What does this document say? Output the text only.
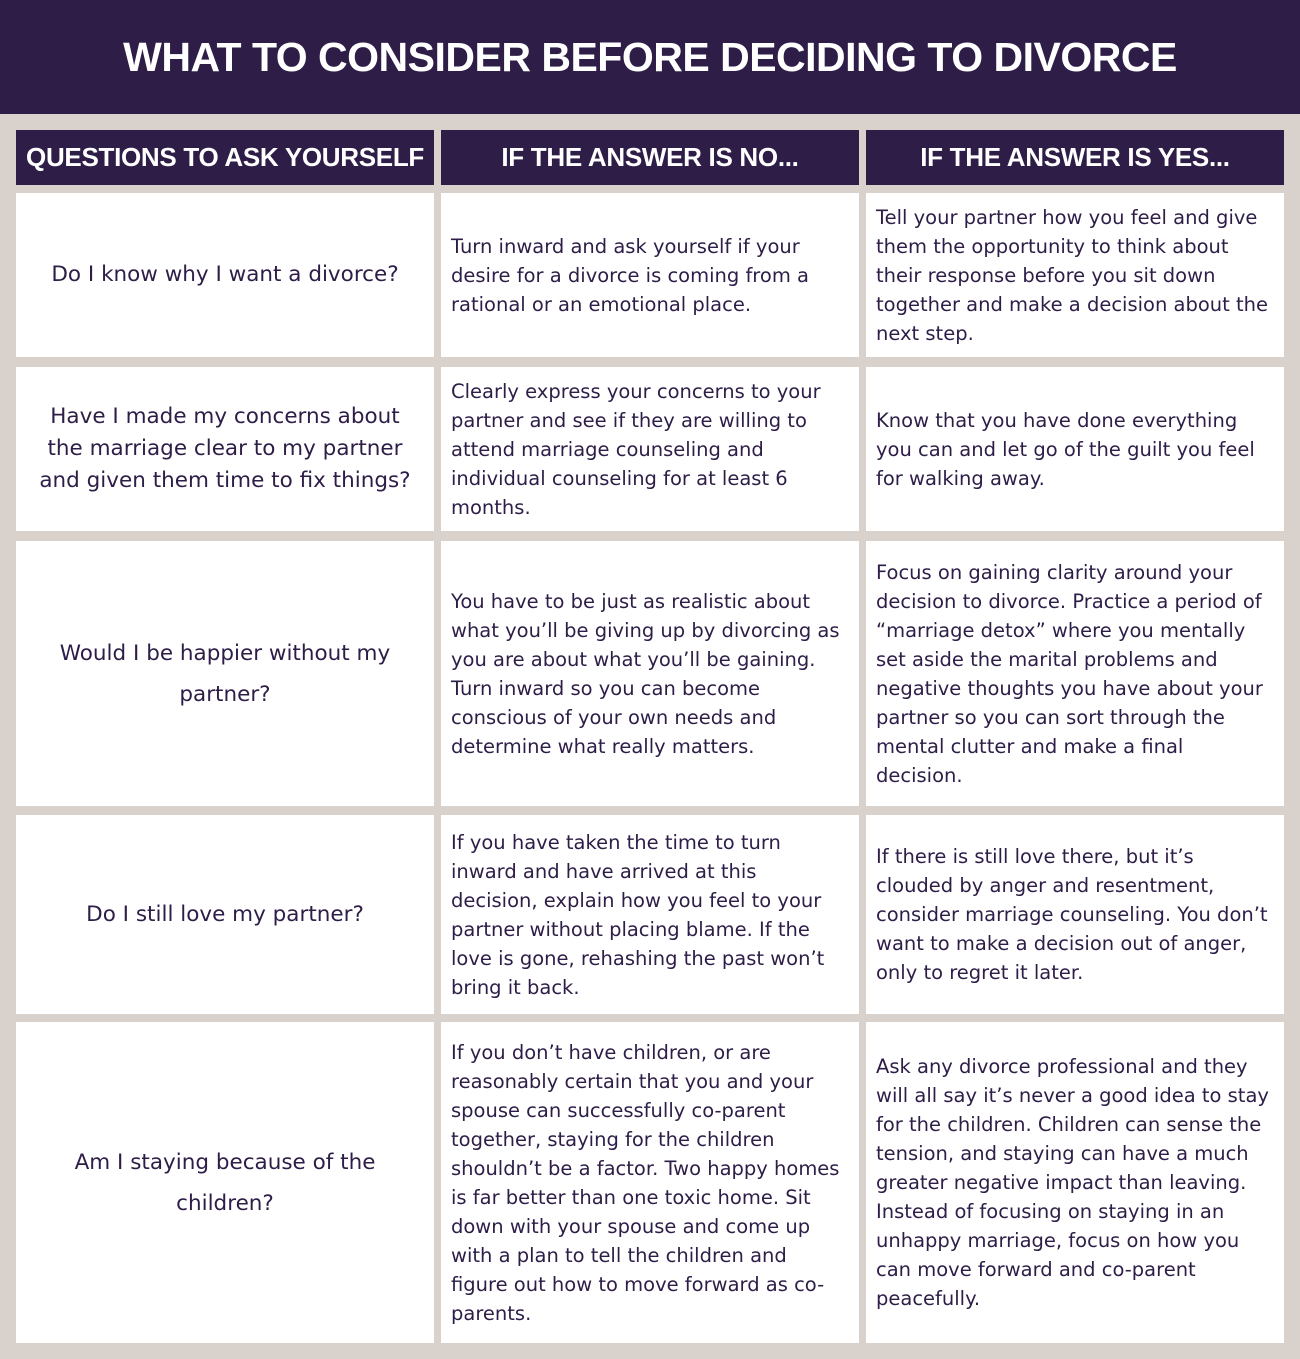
WHAT TO CONSIDER BEFORE DECIDING TO DIVORCE
QUESTIONS TO ASK YOURSELF	IF THE ANSWER IS NO...	IF THE ANSWER IS YES...
Do I know why I want a divorce?
Turn inward and ask yourself if your desire for a divorce is coming from a rational or an emotional place.
Tell your partner how you feel and give them the opportunity to think about their response before you sit down together and make a decision about the next step.
Have I made my concerns about the marriage clear to my partner and given them time to fix things?
Clearly express your concerns to your partner and see if they are willing to attend marriage counseling and individual counseling for at least 6 months.
Know that you have done everything you can and let go of the guilt you feel for walking away.
Would I be happier without my partner?
You have to be just as realistic about what you’ll be giving up by divorcing as you are about what you’ll be gaining. Turn inward so you can become conscious of your own needs and determine what really matters.
Focus on gaining clarity around your decision to divorce. Practice a period of “marriage detox” where you mentally set aside the marital problems and negative thoughts you have about your partner so you can sort through the mental clutter and make a final decision.
Do I still love my partner?
If you have taken the time to turn inward and have arrived at this decision, explain how you feel to your partner without placing blame. If the love is gone, rehashing the past won’t bring it back.
If there is still love there, but it’s clouded by anger and resentment, consider marriage counseling. You don’t want to make a decision out of anger, only to regret it later.
Am I staying because of the children?
If you don’t have children, or are reasonably certain that you and your spouse can successfully co-parent together, staying for the children shouldn’t be a factor. Two happy homes is far better than one toxic home. Sit down with your spouse and come up with a plan to tell the children and figure out how to move forward as co-parents.
Ask any divorce professional and they will all say it’s never a good idea to stay for the children. Children can sense the tension, and staying can have a much greater negative impact than leaving. Instead of focusing on staying in an unhappy marriage, focus on how you can move forward and co-parent peacefully.
